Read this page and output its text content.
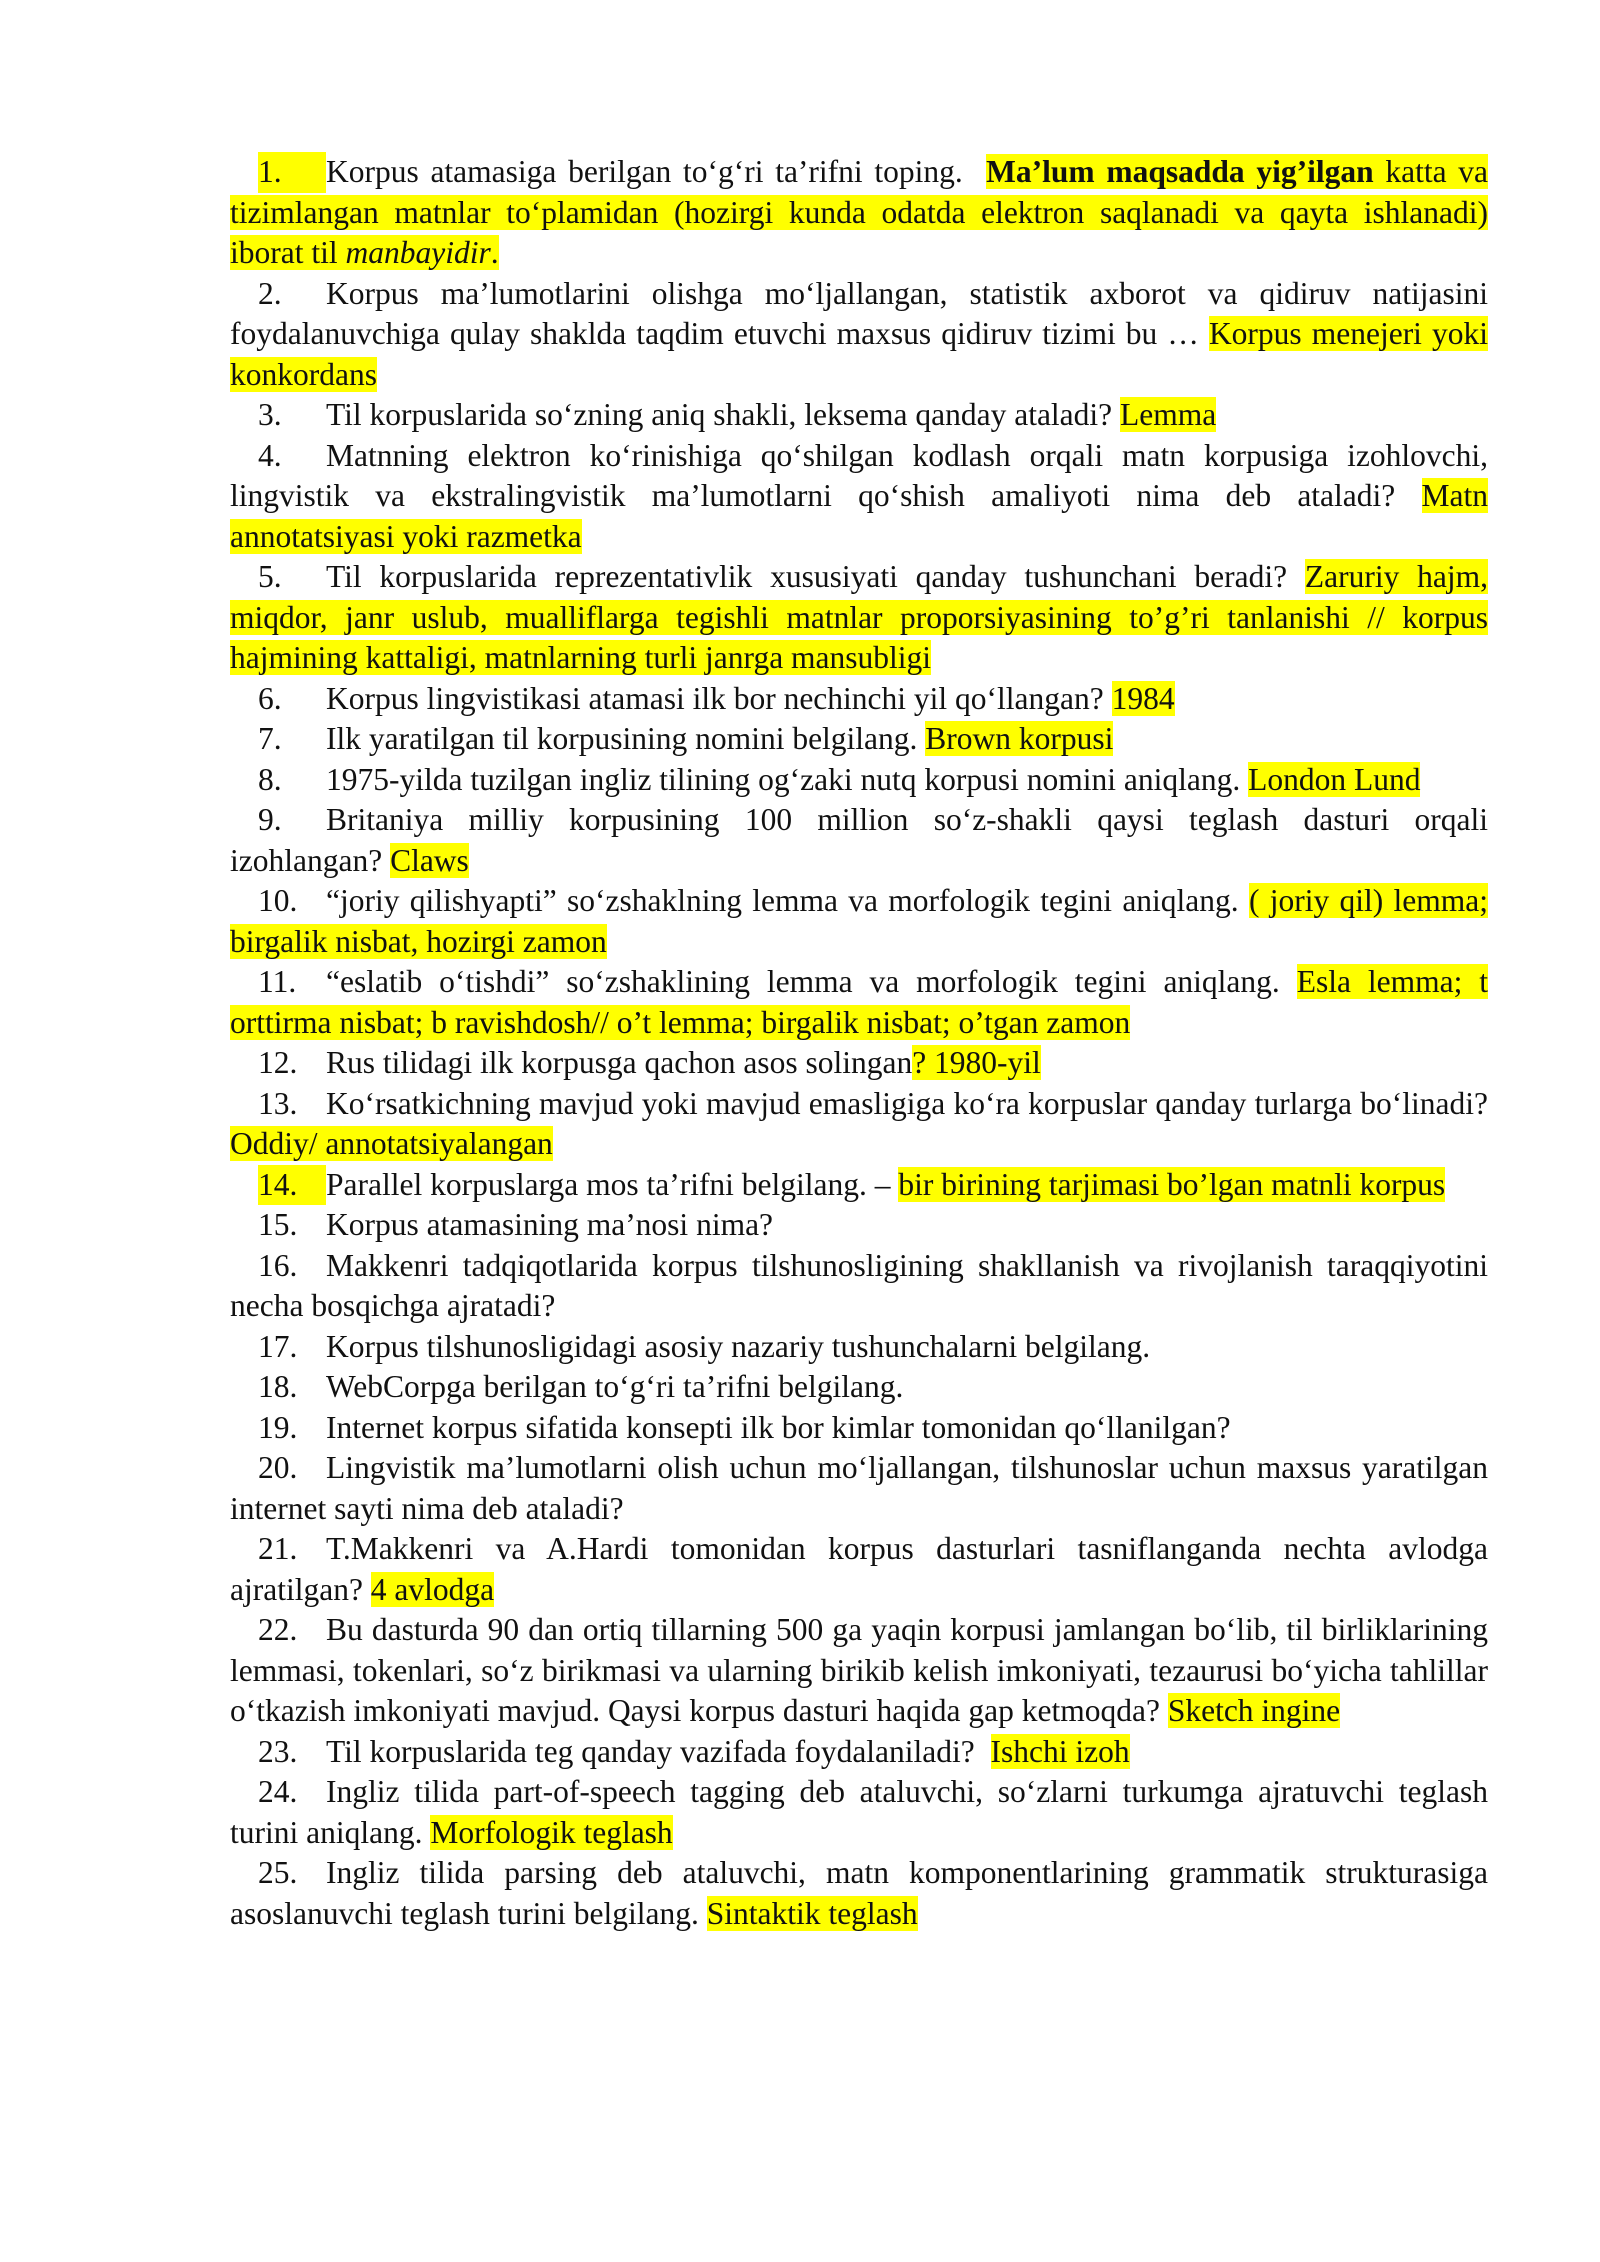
1. Korpus atamasiga berilgan to‘g‘ri ta’rifni toping. Ma’lum maqsadda yig’ilgan katta va tizimlangan matnlar to‘plamidan (hozirgi kunda odatda elektron saqlanadi va qayta ishlanadi) iborat til manbayidir.

2. Korpus ma’lumotlarini olishga mo‘ljallangan, statistik axborot va qidiruv natijasini foydalanuvchiga qulay shaklda taqdim etuvchi maxsus qidiruv tizimi bu … Korpus menejeri yoki konkordans

3. Til korpuslarida so‘zning aniq shakli, leksema qanday ataladi? Lemma

4. Matnning elektron ko‘rinishiga qo‘shilgan kodlash orqali matn korpusiga izohlovchi, lingvistik va ekstralingvistik ma’lumotlarni qo‘shish amaliyoti nima deb ataladi? Matn annotatsiyasi yoki razmetka

5. Til korpuslarida reprezentativlik xususiyati qanday tushunchani beradi? Zaruriy hajm, miqdor, janr uslub, mualliflarga tegishli matnlar proporsiyasining to’g’ri tanlanishi // korpus hajmining kattaligi, matnlarning turli janrga mansubligi

6. Korpus lingvistikasi atamasi ilk bor nechinchi yil qo‘llangan? 1984

7. Ilk yaratilgan til korpusining nomini belgilang. Brown korpusi

8. 1975-yilda tuzilgan ingliz tilining og‘zaki nutq korpusi nomini aniqlang. London Lund

9. Britaniya milliy korpusining 100 million so‘z-shakli qaysi teglash dasturi orqali izohlangan? Claws

10. “joriy qilishyapti” so‘zshaklning lemma va morfologik tegini aniqlang. ( joriy qil) lemma; birgalik nisbat, hozirgi zamon

11. “eslatib o‘tishdi” so‘zshaklining lemma va morfologik tegini aniqlang. Esla lemma; t orttirma nisbat; b ravishdosh// o’t lemma; birgalik nisbat; o’tgan zamon

12. Rus tilidagi ilk korpusga qachon asos solingan? 1980-yil

13. Ko‘rsatkichning mavjud yoki mavjud emasligiga ko‘ra korpuslar qanday turlarga bo‘linadi? Oddiy/ annotatsiyalangan

14. Parallel korpuslarga mos ta’rifni belgilang. – bir birining tarjimasi bo’lgan matnli korpus

15. Korpus atamasining ma’nosi nima?

16. Makkenri tadqiqotlarida korpus tilshunosligining shakllanish va rivojlanish taraqqiyotini necha bosqichga ajratadi?

17. Korpus tilshunosligidagi asosiy nazariy tushunchalarni belgilang.

18. WebCorpga berilgan to‘g‘ri ta’rifni belgilang.

19. Internet korpus sifatida konsepti ilk bor kimlar tomonidan qo‘llanilgan?

20. Lingvistik ma’lumotlarni olish uchun mo‘ljallangan, tilshunoslar uchun maxsus yaratilgan internet sayti nima deb ataladi?

21. T.Makkenri va A.Hardi tomonidan korpus dasturlari tasniflanganda nechta avlodga ajratilgan? 4 avlodga

22. Bu dasturda 90 dan ortiq tillarning 500 ga yaqin korpusi jamlangan bo‘lib, til birliklarining lemmasi, tokenlari, so‘z birikmasi va ularning birikib kelish imkoniyati, tezaurusi bo‘yicha tahlillar o‘tkazish imkoniyati mavjud. Qaysi korpus dasturi haqida gap ketmoqda? Sketch ingine

23. Til korpuslarida teg qanday vazifada foydalaniladi? Ishchi izoh

24. Ingliz tilida part-of-speech tagging deb ataluvchi, so‘zlarni turkumga ajratuvchi teglash turini aniqlang. Morfologik teglash

25. Ingliz tilida parsing deb ataluvchi, matn komponentlarining grammatik strukturasiga asoslanuvchi teglash turini belgilang. Sintaktik teglash
